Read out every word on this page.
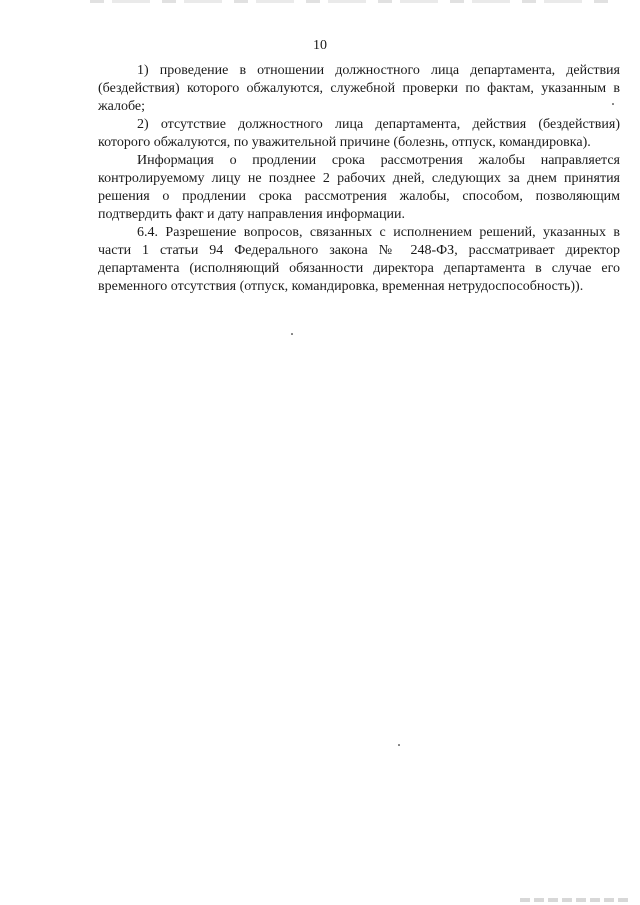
10

1) проведение в отношении должностного лица департамента, действия (бездействия) которого обжалуются, служебной проверки по фактам, указанным в жалобе;

2) отсутствие должностного лица департамента, действия (бездействия) которого обжалуются, по уважительной причине (болезнь, отпуск, командировка).

Информация о продлении срока рассмотрения жалобы направляется контролируемому лицу не позднее 2 рабочих дней, следующих за днем принятия решения о продлении срока рассмотрения жалобы, способом, позволяющим подтвердить факт и дату направления информации.

6.4. Разрешение вопросов, связанных с исполнением решений, указанных в части 1 статьи 94 Федерального закона № 248-ФЗ, рассматривает директор департамента (исполняющий обязанности директора департамента в случае его временного отсутствия (отпуск, командировка, временная нетрудоспособность)).
